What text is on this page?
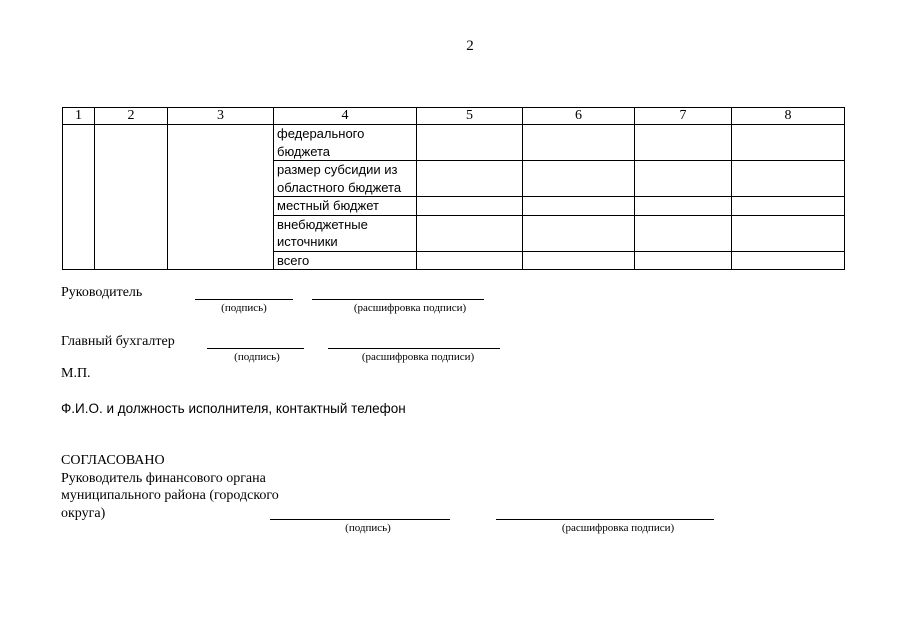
2
1	2	3	4	5	6	7	8
			федерального бюджета				
			размер субсидии из областного бюджета				
			местный бюджет				
			внебюджетные источники				
			всего				
Руководитель
(подпись)	(расшифровка подписи)
Главный бухгалтер
(подпись)	(расшифровка подписи)
М.П.
Ф.И.О. и должность исполнителя, контактный телефон
СОГЛАСОВАНО
Руководитель финансового органа
муниципального района (городского
округа)
(подпись)	(расшифровка подписи)
